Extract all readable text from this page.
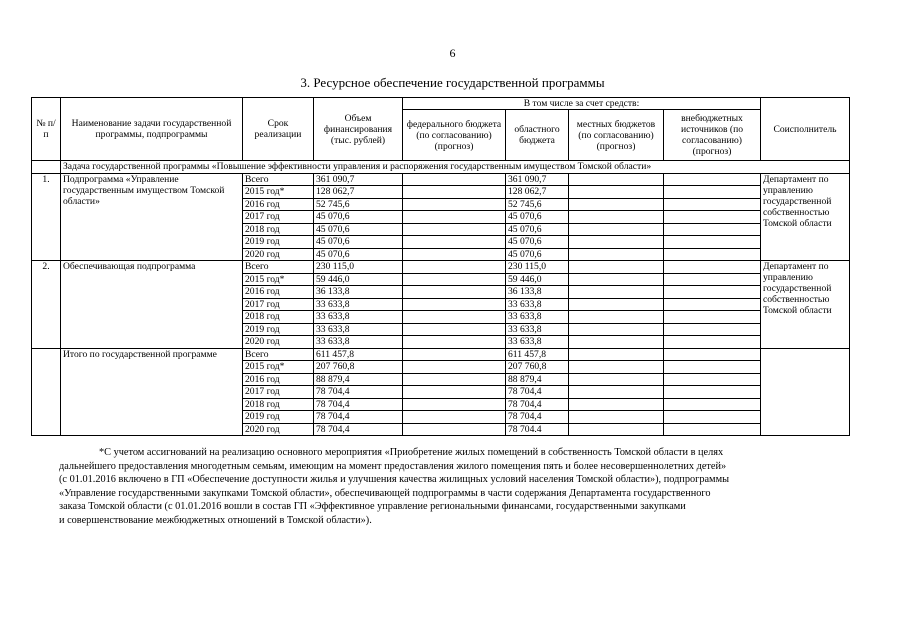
6
3. Ресурсное обеспечение государственной программы
№ п/п	Наименование задачи государственной программы, подпрограммы	Срок реализации	Объем финансирования (тыс. рублей)	В том числе за счет средств:				Соисполнитель
				федерального бюджета (по согласованию) (прогноз)	областного бюджета	местных бюджетов (по согласованию) (прогноз)	внебюджетных источников (по согласованию) (прогноз)	
	Задача государственной программы «Повышение эффективности управления и распоряжения государственным имуществом Томской области»							
1.	Подпрограмма «Управление государственным имуществом Томской области»	Всего	361 090,7		361 090,7			Департамент по управлению государственной собственностью Томской области
		2015 год*	128 062,7		128 062,7			
		2016 год	52 745,6		52 745,6			
		2017 год	45 070,6		45 070,6			
		2018 год	45 070,6		45 070,6			
		2019 год	45 070,6		45 070,6			
		2020 год	45 070,6		45 070,6			
2.	Обеспечивающая подпрограмма	Всего	230 115,0		230 115,0			Департамент по управлению государственной собственностью Томской области
		2015 год*	59 446,0		59 446,0			
		2016 год	36 133,8		36 133,8			
		2017 год	33 633,8		33 633,8			
		2018 год	33 633,8		33 633,8			
		2019 год	33 633,8		33 633,8			
		2020 год	33 633,8		33 633,8			
	Итого по государственной программе	Всего	611 457,8		611 457,8			
		2015 год*	207 760,8		207 760,8			
		2016 год	88 879,4		88 879,4			
		2017 год	78 704,4		78 704,4			
		2018 год	78 704,4		78 704,4			
		2019 год	78 704,4		78 704,4			
		2020 год	78 704,4		78 704.4			
*С учетом ассигнований на реализацию основного мероприятия «Приобретение жилых помещений в собственность Томской области в целях
дальнейшего предоставления многодетным семьям, имеющим на момент предоставления жилого помещения пять и более несовершеннолетних детей»
(с 01.01.2016 включено в ГП «Обеспечение доступности жилья и улучшения качества жилищных условий населения Томской области»), подпрограммы
«Управление государственными закупками Томской области», обеспечивающей подпрограммы в части содержания Департамента государственного
заказа Томской области (с 01.01.2016 вошли в состав ГП «Эффективное управление региональными финансами, государственными закупками
и совершенствование межбюджетных отношений в Томской области»).
